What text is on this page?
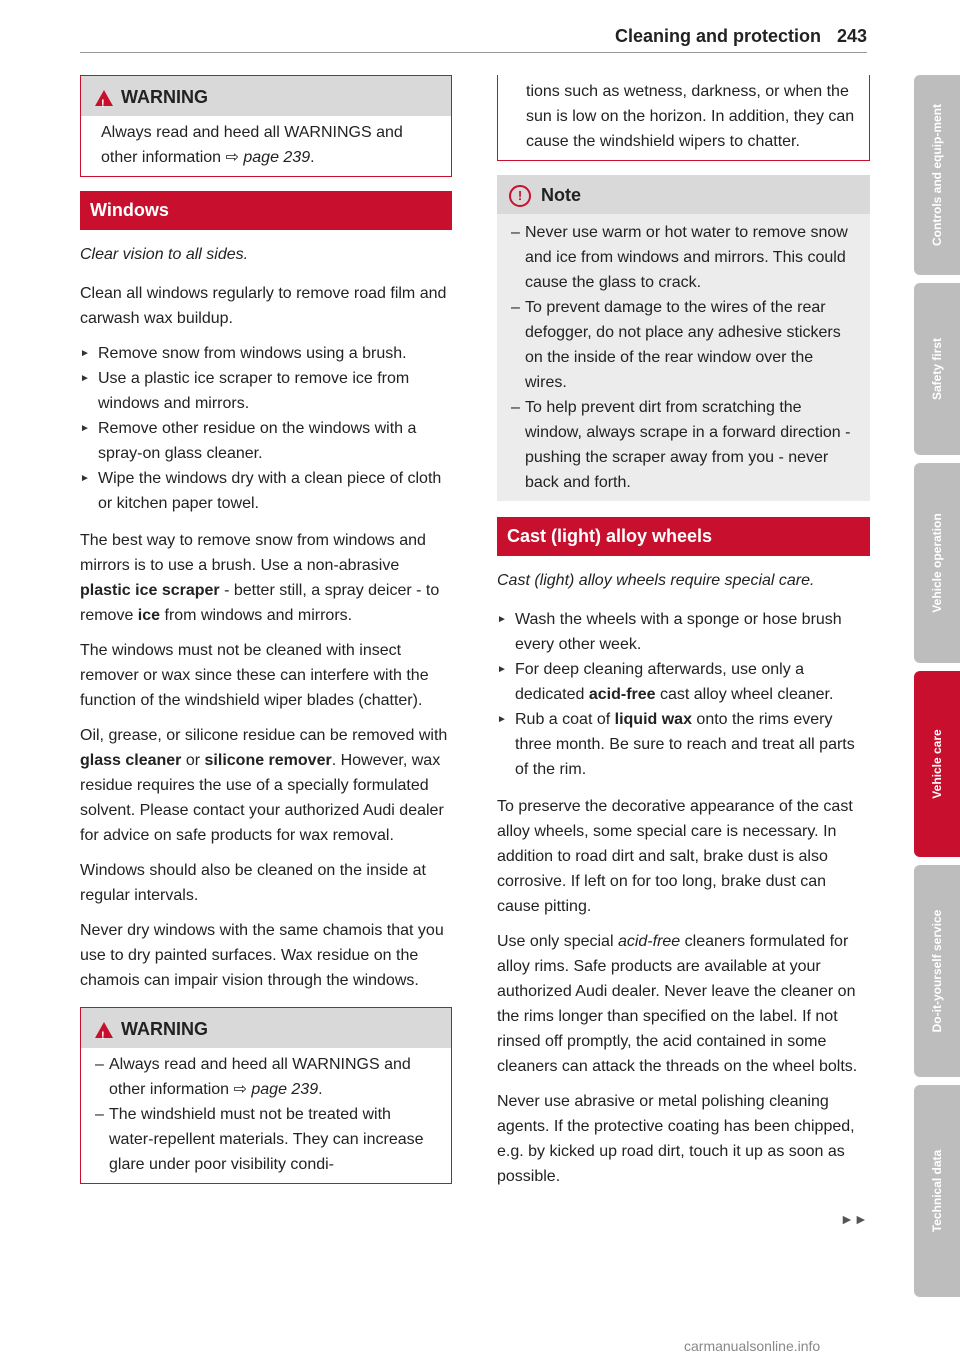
Cleaning and protection 243
!
WARNING

Always read and heed all WARNINGS and other information ⇨ page 239.

Windows

Clear vision to all sides.

Clean all windows regularly to remove road film and carwash wax buildup.

► Remove snow from windows using a brush.
► Use a plastic ice scraper to remove ice from windows and mirrors.
► Remove other residue on the windows with a spray-on glass cleaner.
► Wipe the windows dry with a clean piece of cloth or kitchen paper towel.

The best way to remove snow from windows and mirrors is to use a brush. Use a non-abrasive plastic ice scraper - better still, a spray deicer - to remove ice from windows and mirrors.

The windows must not be cleaned with insect remover or wax since these can interfere with the function of the windshield wiper blades (chatter).

Oil, grease, or silicone residue can be removed with glass cleaner or silicone remover. However, wax residue requires the use of a specially formulated solvent. Please contact your authorized Audi dealer for advice on safe products for wax removal.

Windows should also be cleaned on the inside at regular intervals.

Never dry windows with the same chamois that you use to dry painted surfaces. Wax residue on the chamois can impair vision through the windows.

!
WARNING
– Always read and heed all WARNINGS and other information ⇨ page 239.
– The windshield must not be treated with water-repellent materials. They can increase glare under poor visibility condi-

tions such as wetness, darkness, or when the sun is low on the horizon. In addition, they can cause the windshield wipers to chatter.

!	Note
– Never use warm or hot water to remove snow and ice from windows and mirrors. This could cause the glass to crack.
– To prevent damage to the wires of the rear defogger, do not place any adhesive stickers on the inside of the rear window over the wires.
– To help prevent dirt from scratching the window, always scrape in a forward direction - pushing the scraper away from you - never back and forth.
Cast (light) alloy wheels

Cast (light) alloy wheels require special care.

► Wash the wheels with a sponge or hose brush every other week.
► For deep cleaning afterwards, use only a dedicated acid-free cast alloy wheel cleaner.
► Rub a coat of liquid wax onto the rims every three month. Be sure to reach and treat all parts of the rim.

To preserve the decorative appearance of the cast alloy wheels, some special care is necessary. In addition to road dirt and salt, brake dust is also corrosive. If left on for too long, brake dust can cause pitting.

Use only special acid-free cleaners formulated for alloy rims. Safe products are available at your authorized Audi dealer. Never leave the cleaner on the rims longer than specified on the label. If not rinsed off promptly, the acid contained in some cleaners can attack the threads on the wheel bolts.

Never use abrasive or metal polishing cleaning agents. If the protective coating has been chipped, e.g. by kicked up road dirt, touch it up as soon as possible.

►►
Controls and equip-ment
Safety first
Vehicle operation
Vehicle care
Do-it-yourself service
Technical data
carmanualsonline.info
